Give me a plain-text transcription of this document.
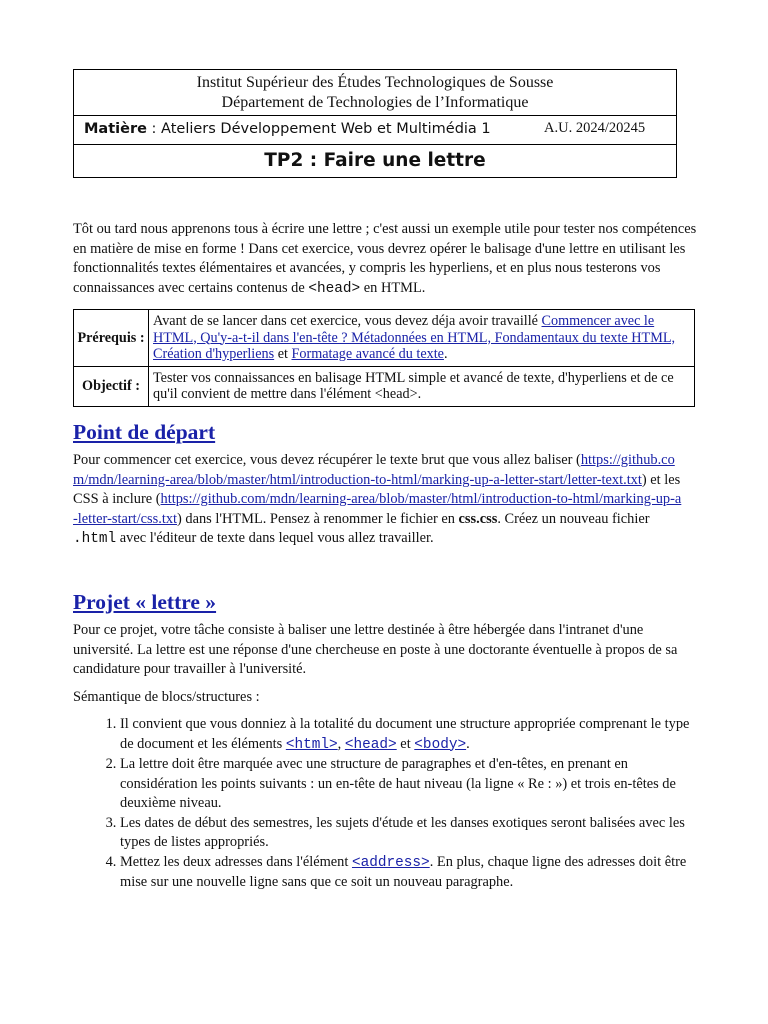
Institut Supérieur des Études Technologiques de Sousse
Département de Technologies de l’Informatique
Matière : Ateliers Développement Web et Multimédia 1	A.U. 2024/20245
TP2 : Faire une lettre
Tôt ou tard nous apprenons tous à écrire une lettre ; c'est aussi un exemple utile pour tester nos compétences en matière de mise en forme ! Dans cet exercice, vous devrez opérer le balisage d'une lettre en utilisant les fonctionnalités textes élémentaires et avancées, y compris les hyperliens, et en plus nous testerons vos connaissances avec certains contenus de <head> en HTML.
Prérequis :	Avant de se lancer dans cet exercice, vous devez déja avoir travaillé Commencer avec le HTML, Qu'y-a-t-il dans l'en-tête ? Métadonnées en HTML, Fondamentaux du texte HTML, Création d'hyperliens et Formatage avancé du texte.
Objectif :	Tester vos connaissances en balisage HTML simple et avancé de texte, d'hyperliens et de ce qu'il convient de mettre dans l'élément <head>.
Point de départ
Pour commencer cet exercice, vous devez récupérer le texte brut que vous allez baliser (https://github.com/mdn/learning-area/blob/master/html/introduction-to-html/marking-up-a-letter-start/letter-text.txt) et les CSS à inclure (https://github.com/mdn/learning-area/blob/master/html/introduction-to-html/marking-up-a-letter-start/css.txt) dans l'HTML. Pensez à renommer le fichier en css.css. Créez un nouveau fichier .html avec l'éditeur de texte dans lequel vous allez travailler.
Projet « lettre »
Pour ce projet, votre tâche consiste à baliser une lettre destinée à être hébergée dans l'intranet d'une université. La lettre est une réponse d'une chercheuse en poste à une doctorante éventuelle à propos de sa candidature pour travailler à l'université.
Sémantique de blocs/structures :
1. Il convient que vous donniez à la totalité du document une structure appropriée comprenant le type de document et les éléments <html>, <head> et <body>.
2. La lettre doit être marquée avec une structure de paragraphes et d'en-têtes, en prenant en considération les points suivants : un en-tête de haut niveau (la ligne « Re : ») et trois en-têtes de deuxième niveau.
3. Les dates de début des semestres, les sujets d'étude et les danses exotiques seront balisées avec les types de listes appropriés.
4. Mettez les deux adresses dans l'élément <address>. En plus, chaque ligne des adresses doit être mise sur une nouvelle ligne sans que ce soit un nouveau paragraphe.
